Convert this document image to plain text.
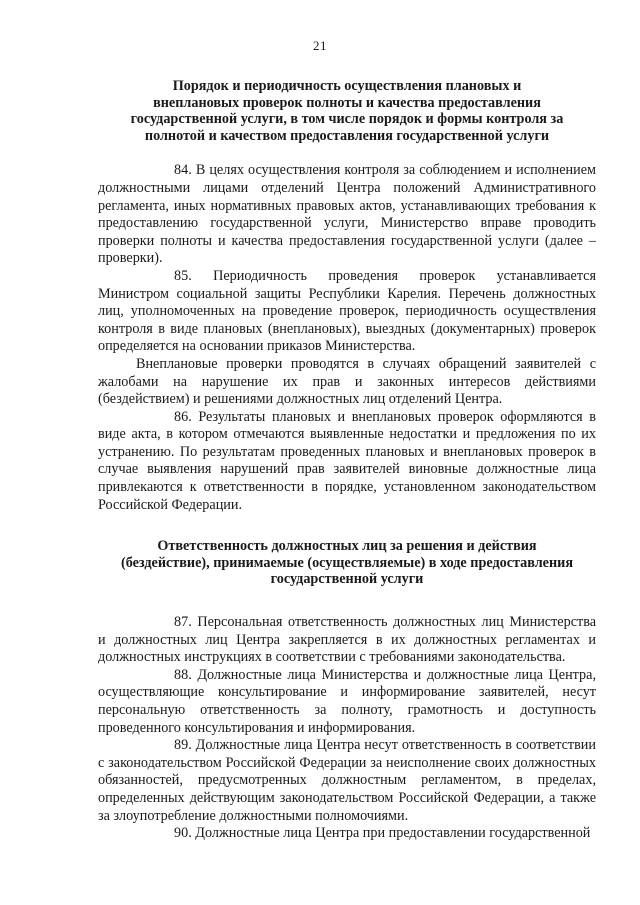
21
Порядок и периодичность осуществления плановых и
внеплановых проверок полноты и качества предоставления
государственной услуги, в том числе порядок и формы контроля за
полнотой и качеством предоставления государственной услуги

84. В целях осуществления контроля за соблюдением и исполнением должностными лицами отделений Центра положений Административного регламента, иных нормативных правовых актов, устанавливающих требования к предоставлению государственной услуги, Министерство вправе проводить проверки полноты и качества предоставления государственной услуги (далее – проверки).

85. Периодичность проведения проверок устанавливается Министром социальной защиты Республики Карелия. Перечень должностных лиц, уполномоченных на проведение проверок, периодичность осуществления контроля в виде плановых (внеплановых), выездных (документарных) проверок определяется на основании приказов Министерства.

Внеплановые проверки проводятся в случаях обращений заявителей с жалобами на нарушение их прав и законных интересов действиями (бездействием) и решениями должностных лиц отделений Центра.

86. Результаты плановых и внеплановых проверок оформляются в виде акта, в котором отмечаются выявленные недостатки и предложения по их устранению. По результатам проведенных плановых и внеплановых проверок в случае выявления нарушений прав заявителей виновные должностные лица привлекаются к ответственности в порядке, установленном законодательством Российской Федерации.

Ответственность должностных лиц за решения и действия
(бездействие), принимаемые (осуществляемые) в ходе предоставления
государственной услуги

87. Персональная ответственность должностных лиц Министерства и должностных лиц Центра закрепляется в их должностных регламентах и должностных инструкциях в соответствии с требованиями законодательства.

88. Должностные лица Министерства и должностные лица Центра, осуществляющие консультирование и информирование заявителей, несут персональную ответственность за полноту, грамотность и доступность проведенного консультирования и информирования.

89. Должностные лица Центра несут ответственность в соответствии с законодательством Российской Федерации за неисполнение своих должностных обязанностей, предусмотренных должностным регламентом, в пределах, определенных действующим законодательством Российской Федерации, а также за злоупотребление должностными полномочиями.

90. Должностные лица Центра при предоставлении государственной
